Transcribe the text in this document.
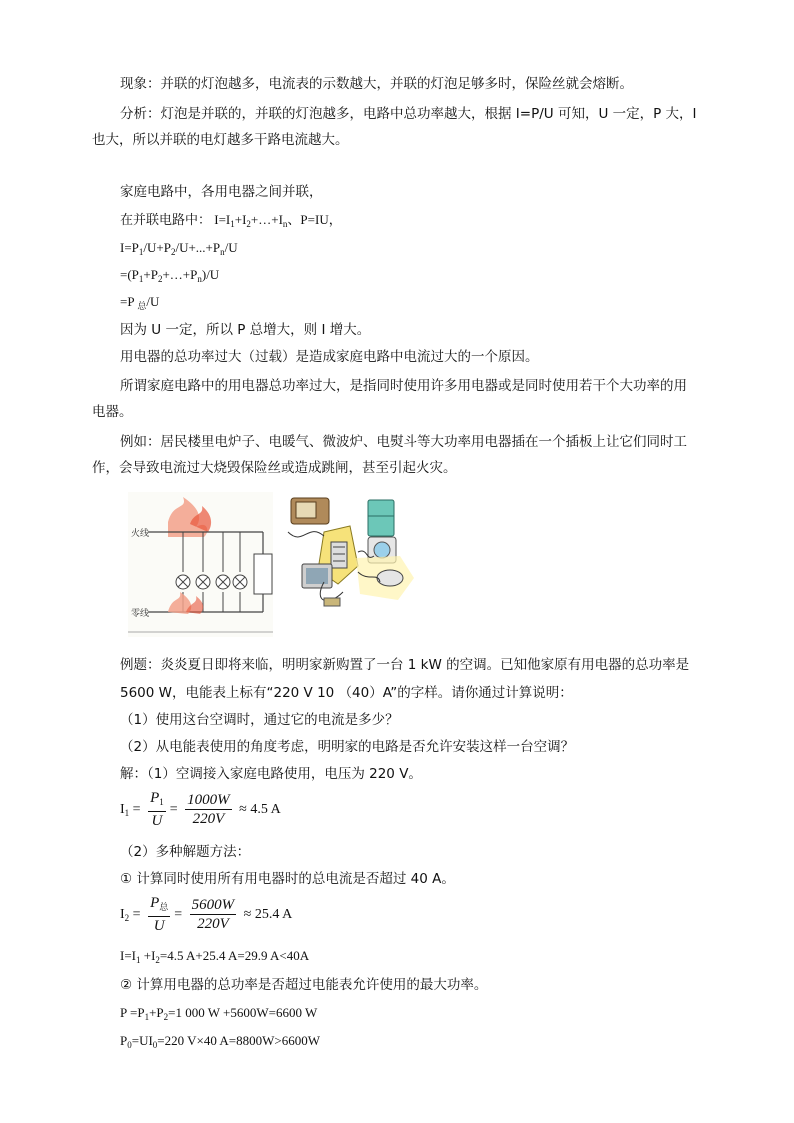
现象：并联的灯泡越多，电流表的示数越大，并联的灯泡足够多时，保险丝就会熔断。
分析：灯泡是并联的，并联的灯泡越多，电路中总功率越大，根据 I=P/U 可知，U 一定，P 大，I
也大，所以并联的电灯越多干路电流越大。
家庭电路中，各用电器之间并联，
在并联电路中： $I=I_1+I_2+\dots+I_n$、P=IU，
$I=P_1/U+P_2/U+...+P_n/U$
$=(P_1+P_2+\dots+P_n)/U$
=P $_总$/U
因为 U 一定，所以 P 总增大，则 I 增大。
用电器的总功率过大（过载）是造成家庭电路中电流过大的一个原因。
所谓家庭电路中的用电器总功率过大，是指同时使用许多用电器或是同时使用若干个大功率的用
电器。
例如：居民楼里电炉子、电暖气、微波炉、电熨斗等大功率用电器插在一个插板上让它们同时工
作，会导致电流过大烧毁保险丝或造成跳闸，甚至引起火灾。
火线
零线
例题：炎炎夏日即将来临，明明家新购置了一台 1 kW 的空调。已知他家原有用电器的总功率是
5600 W，电能表上标有“220 V 10 （40）A”的字样。请你通过计算说明：
（1）使用这台空调时，通过它的电流是多少？
（2）从电能表使用的角度考虑，明明家的电路是否允许安装这样一台空调？
解：（1）空调接入家庭电路使用，电压为 220 V。
$I_1 = \frac{P_1}{U} = \frac{1000W}{220V} \approx 4.5$ A
（2）多种解题方法：
① 计算同时使用所有用电器时的总电流是否超过 40 A。
$I_2 = \frac{P_总}{U} = \frac{5600W}{220V} \approx 25.4$ A
$I=I_1 +I_2=4.5$ A+25.4 A=29.9 A<40A
② 计算用电器的总功率是否超过电能表允许使用的最大功率。
$P =P_1+P_2=1$ 000 W +5600W=6600 W
$P_0=UI_0=220$ V×40 A=8800W>6600W
